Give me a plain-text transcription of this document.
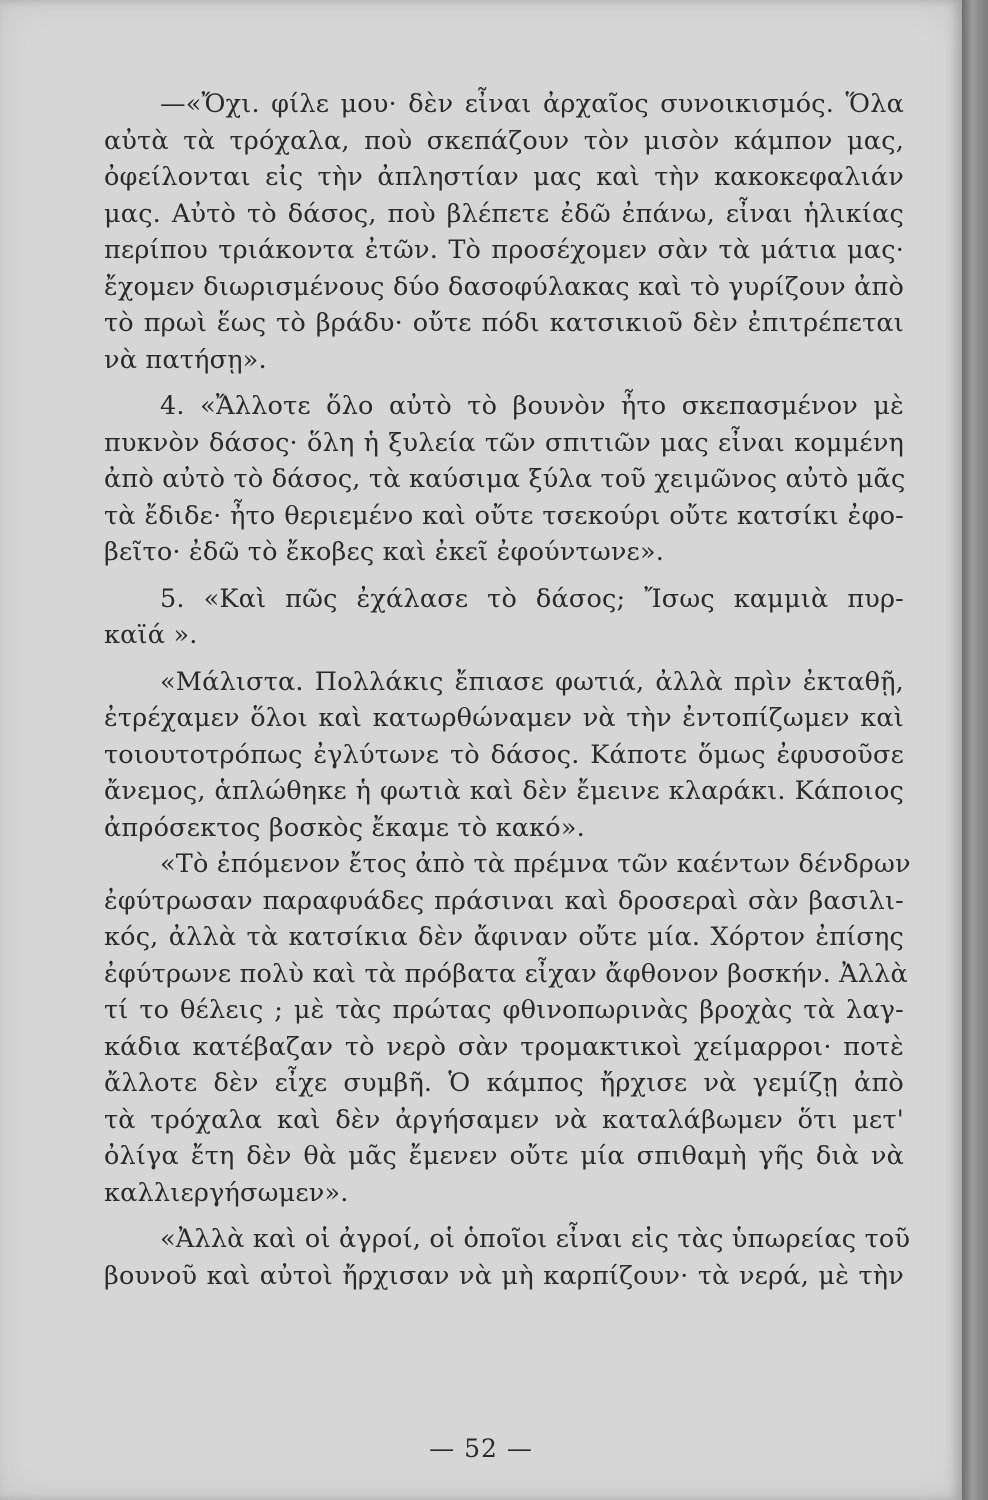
—«Ὄχι. φίλε μου· δὲν εἶναι ἀρχαῖος συνοικισμός. Ὅλα
αὐτὰ τὰ τρόχαλα, ποὺ σκεπάζουν τὸν μισὸν κάμπον μας,
ὀφείλονται εἰς τὴν ἀπληστίαν μας καὶ τὴν κακοκεφαλιάν
μας. Αὐτὸ τὸ δάσος, ποὺ βλέπετε ἐδῶ ἐπάνω, εἶναι ἡλικίας
περίπου τριάκοντα ἐτῶν. Τὸ προσέχομεν σὰν τὰ μάτια μας·
ἔχομεν διωρισμένους δύο δασοφύλακας καὶ τὸ γυρίζουν ἀπὸ
τὸ πρωὶ ἕως τὸ βράδυ· οὔτε πόδι κατσικιοῦ δὲν ἐπιτρέπεται
νὰ πατήσῃ».
4. «Ἄλλοτε ὅλο αὐτὸ τὸ βουνὸν ἦτο σκεπασμένον μὲ
πυκνὸν δάσος· ὅλη ἡ ξυλεία τῶν σπιτιῶν μας εἶναι κομμένη
ἀπὸ αὐτὸ τὸ δάσος, τὰ καύσιμα ξύλα τοῦ χειμῶνος αὐτὸ μᾶς
τὰ ἔδιδε· ἦτο θεριεμένο καὶ οὔτε τσεκούρι οὔτε κατσίκι ἐφο-
βεῖτο· ἐδῶ τὸ ἔκοβες καὶ ἐκεῖ ἐφούντωνε».
5. «Καὶ πῶς ἐχάλασε τὸ δάσος; Ἴσως καμμιὰ πυρ-
καϊά ».
«Μάλιστα. Πολλάκις ἔπιασε φωτιά, ἀλλὰ πρὶν ἐκταθῇ,
ἐτρέχαμεν ὅλοι καὶ κατωρθώναμεν νὰ τὴν ἐντοπίζωμεν καὶ
τοιουτοτρόπως ἐγλύτωνε τὸ δάσος. Κάποτε ὅμως ἐφυσοῦσε
ἄνεμος, ἁπλώθηκε ἡ φωτιὰ καὶ δὲν ἔμεινε κλαράκι. Κάποιος
ἀπρόσεκτος βοσκὸς ἔκαμε τὸ κακό».
«Τὸ ἐπόμενον ἔτος ἀπὸ τὰ πρέμνα τῶν καέντων δένδρων
ἐφύτρωσαν παραφυάδες πράσιναι καὶ δροσεραὶ σὰν βασιλι-
κός, ἀλλὰ τὰ κατσίκια δὲν ἄφιναν οὔτε μία. Χόρτον ἐπίσης
ἐφύτρωνε πολὺ καὶ τὰ πρόβατα εἶχαν ἄφθονον βοσκήν. Ἀλλὰ
τί το θέλεις ; μὲ τὰς πρώτας φθινοπωρινὰς βροχὰς τὰ λαγ-
κάδια κατέβαζαν τὸ νερὸ σὰν τρομακτικοὶ χείμαρροι· ποτὲ
ἄλλοτε δὲν εἶχε συμβῆ. Ὁ κάμπος ἤρχισε νὰ γεμίζῃ ἀπὸ
τὰ τρόχαλα καὶ δὲν ἀργήσαμεν νὰ καταλάβωμεν ὅτι μετ'
ὀλίγα ἔτη δὲν θὰ μᾶς ἔμενεν οὔτε μία σπιθαμὴ γῆς διὰ νὰ
καλλιεργήσωμεν».
«Ἀλλὰ καὶ οἱ ἀγροί, οἱ ὁποῖοι εἶναι εἰς τὰς ὑπωρείας τοῦ
βουνοῦ καὶ αὐτοὶ ἤρχισαν νὰ μὴ καρπίζουν· τὰ νερά, μὲ τὴν
— 52 —
